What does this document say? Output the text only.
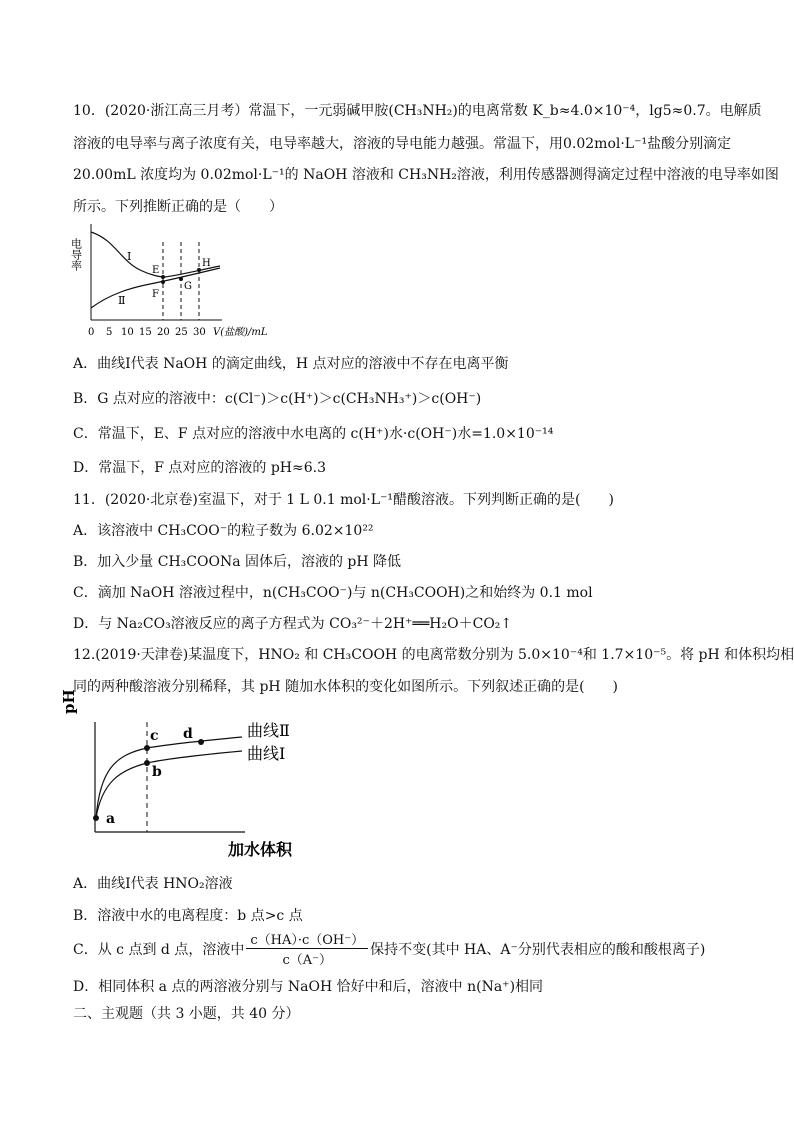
10．(2020·浙江高三月考）常温下，一元弱碱甲胺(CH₃NH₂)的电离常数 K_b≈4.0×10⁻⁴，lg5≈0.7。电解质
溶液的电导率与离子浓度有关，电导率越大，溶液的导电能力越强。常温下，用0.02mol·L⁻¹盐酸分别滴定
20.00mL 浓度均为 0.02mol·L⁻¹的 NaOH 溶液和 CH₃NH₂溶液，利用传感器测得滴定过程中溶液的电导率如图
所示。下列推断正确的是（　　）
电导率	E
F
G
H
Ⅰ
Ⅱ
0 5 10 15 20 25 30 V(盐酸)/mL
A．曲线Ⅰ代表 NaOH 的滴定曲线，H 点对应的溶液中不存在电离平衡
B．G 点对应的溶液中：c(Cl⁻)＞c(H⁺)＞c(CH₃NH₃⁺)＞c(OH⁻)
C．常温下，E、F 点对应的溶液中水电离的 c(H⁺)水·c(OH⁻)水=1.0×10⁻¹⁴
D．常温下，F 点对应的溶液的 pH≈6.3
11．(2020·北京卷)室温下，对于 1 L 0.1 mol·L⁻¹醋酸溶液。下列判断正确的是(　　)
A．该溶液中 CH₃COO⁻的粒子数为 6.02×10²²
B．加入少量 CH₃COONa 固体后，溶液的 pH 降低
C．滴加 NaOH 溶液过程中，n(CH₃COO⁻)与 n(CH₃COOH)之和始终为 0.1 mol
D．与 Na₂CO₃溶液反应的离子方程式为 CO₃²⁻＋2H⁺══H₂O＋CO₂↑
12.(2019·天津卷)某温度下，HNO₂ 和 CH₃COOH 的电离常数分别为 5.0×10⁻⁴和 1.7×10⁻⁵。将 pH 和体积均相
同的两种酸溶液分别稀释，其 pH 随加水体积的变化如图所示。下列叙述正确的是(　　)
pH
a
b
c d	曲线Ⅱ
曲线Ⅰ
加水体积
A．曲线Ⅰ代表 HNO₂溶液
B．溶液中水的电离程度：b 点>c 点
C．从 c 点到 d 点，溶液中 $\frac{c(HA)\cdot c(OH^-)}{c(A^-)}$ 保持不变(其中 HA、A⁻分别代表相应的酸和酸根离子)
D．相同体积 a 点的两溶液分别与 NaOH 恰好中和后，溶液中 n(Na⁺)相同
二、主观题（共 3 小题，共 40 分）
